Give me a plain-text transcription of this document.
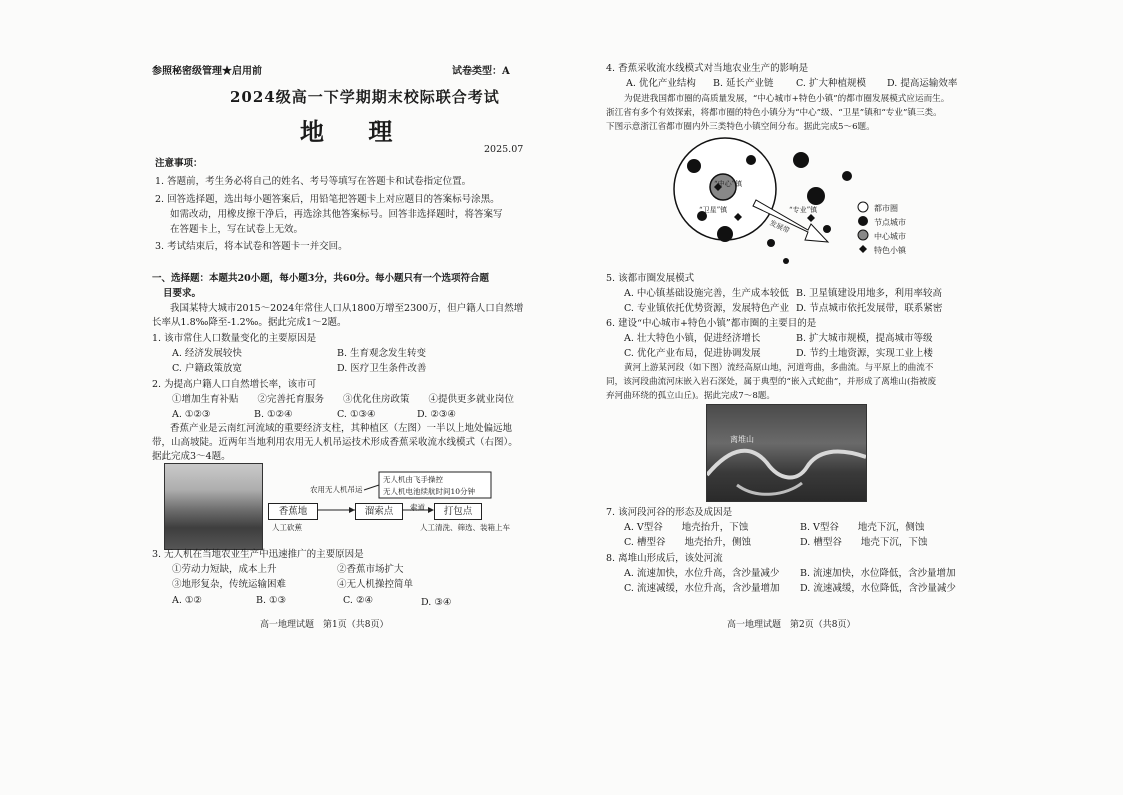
参照秘密级管理★启用前	试卷类型：A
2024级高一下学期期末校际联合考试
地 理
2025.07
注意事项：
1. 答题前，考生务必将自己的姓名、考号等填写在答题卡和试卷指定位置。
2. 回答选择题，选出每小题答案后，用铅笔把答题卡上对应题目的答案标号涂黑。
如需改动，用橡皮擦干净后，再选涂其他答案标号。回答非选择题时，将答案写
在答题卡上，写在试卷上无效。
3. 考试结束后，将本试卷和答题卡一并交回。
一、选择题：本题共20小题，每小题3分，共60分。每小题只有一个选项符合题
目要求。
我国某特大城市2015～2024年常住人口从1800万增至2300万，但户籍人口自然增
长率从1.8‰降至-1.2‰。据此完成1～2题。
1. 该市常住人口数量变化的主要原因是
A. 经济发展较快	B. 生育观念发生转变
C. 户籍政策放宽	D. 医疗卫生条件改善
2. 为提高户籍人口自然增长率，该市可
①增加生育补贴　　②完善托育服务　　③优化住房政策　　④提供更多就业岗位
A. ①②③	B. ①②④	C. ①③④	D. ②③④
香蕉产业是云南红河流域的重要经济支柱，其种植区（左图）一半以上地处偏远地
带，山高坡陡。近两年当地利用农用无人机吊运技术形成香蕉采收流水线模式（右图）。
据此完成3～4题。
无人机由飞手操控
无人机电池续航时间10分钟
农用无人机吊运
香蕉地	溜索点	打包点
索道
人工砍蕉	人工清洗、筛选、装箱上车
3. 无人机在当地农业生产中迅速推广的主要原因是
①劳动力短缺，成本上升	②香蕉市场扩大
③地形复杂，传统运输困难	④无人机操控简单
A. ①②	B. ①③	C. ②④	D. ③④
高一地理试题　第1页（共8页）
4. 香蕉采收流水线模式对当地农业生产的影响是
A. 优化产业结构 B. 延长产业链 C. 扩大种植规模 D. 提高运输效率
为促进我国都市圈的高质量发展，“中心城市+特色小镇”的都市圈发展模式应运而生。
浙江省有多个有效探索，将都市圈的特色小镇分为“中心”级、“卫星”镇和“专业”镇三类。
下图示意浙江省都市圈内外三类特色小镇空间分布。据此完成5～6题。
“中心”镇
“卫星”镇	“专业”镇
发展带
都市圈
节点城市
中心城市
特色小镇
5. 该都市圈发展模式
A. 中心镇基础设施完善，生产成本较低 B. 卫星镇建设用地多，利用率较高
C. 专业镇依托优势资源，发展特色产业 D. 节点城市依托发展带，联系紧密
6. 建设“中心城市+特色小镇”都市圈的主要目的是
A. 壮大特色小镇，促进经济增长	B. 扩大城市规模，提高城市等级
C. 优化产业布局，促进协调发展	D. 节约土地资源，实现工业上楼
黄河上游某河段（如下图）流经高原山地，河道弯曲，多曲流。与平原上的曲流不
同，该河段曲流河床嵌入岩石深处，属于典型的“嵌入式蛇曲”，并形成了离堆山(指被废
弃河曲环绕的孤立山丘)。据此完成7～8题。
离堆山
7. 该河段河谷的形态及成因是
A. V型谷　　地壳抬升，下蚀	B. V型谷　　地壳下沉，侧蚀
C. 槽型谷　　地壳抬升，侧蚀	D. 槽型谷　　地壳下沉，下蚀
8. 离堆山形成后，该处河流
A. 流速加快，水位升高，含沙量减少 B. 流速加快，水位降低，含沙量增加
C. 流速减缓，水位升高，含沙量增加 D. 流速减缓，水位降低，含沙量减少
高一地理试题　第2页（共8页）
